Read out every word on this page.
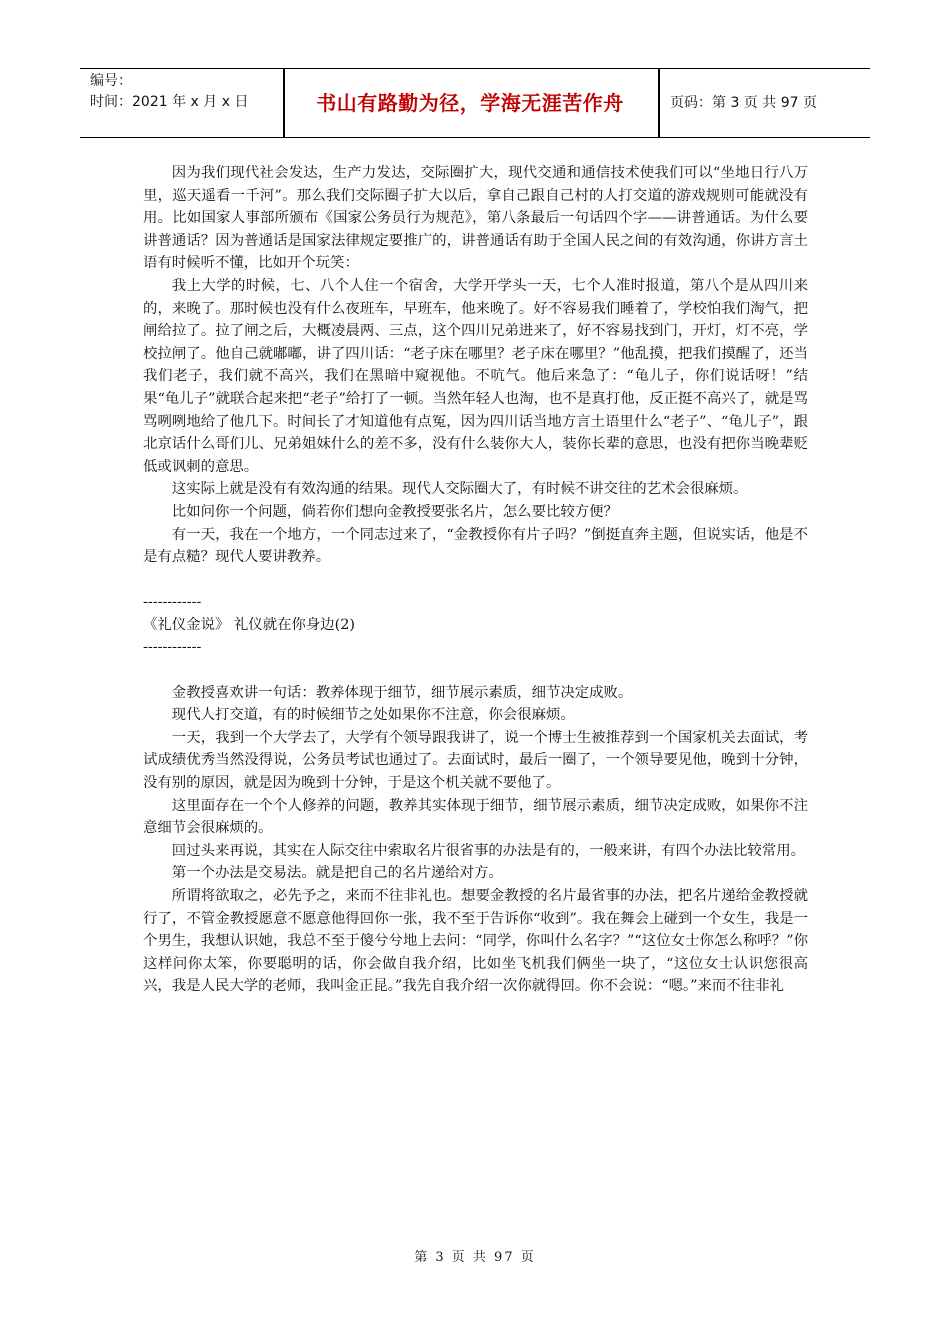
编号：
时间：2021 年 x 月 x 日	书山有路勤为径，学海无涯苦作舟	页码：第 3 页 共 97 页

因为我们现代社会发达，生产力发达，交际圈扩大，现代交通和通信技术使我们可以“坐地日行八万里，巡天遥看一千河”。那么我们交际圈子扩大以后，拿自己跟自己村的人打交道的游戏规则可能就没有用。比如国家人事部所颁布《国家公务员行为规范》，第八条最后一句话四个字——讲普通话。为什么要讲普通话？因为普通话是国家法律规定要推广的，讲普通话有助于全国人民之间的有效沟通，你讲方言土语有时候听不懂，比如开个玩笑：

我上大学的时候，七、八个人住一个宿舍，大学开学头一天，七个人准时报道，第八个是从四川来的，来晚了。那时候也没有什么夜班车，早班车，他来晚了。好不容易我们睡着了，学校怕我们淘气，把闸给拉了。拉了闸之后，大概凌晨两、三点，这个四川兄弟进来了，好不容易找到门，开灯，灯不亮，学校拉闸了。他自己就嘟嘟，讲了四川话：“老子床在哪里？老子床在哪里？”他乱摸，把我们摸醒了，还当我们老子，我们就不高兴，我们在黑暗中窥视他。不吭气。他后来急了：“龟儿子，你们说话呀！”结果“龟儿子”就联合起来把“老子”给打了一顿。当然年轻人也淘，也不是真打他，反正挺不高兴了，就是骂骂咧咧地给了他几下。时间长了才知道他有点冤，因为四川话当地方言土语里什么“老子”、“龟儿子”，跟北京话什么哥们儿、兄弟姐妹什么的差不多，没有什么装你大人，装你长辈的意思，也没有把你当晚辈贬低或讽刺的意思。

这实际上就是没有有效沟通的结果。现代人交际圈大了，有时候不讲交往的艺术会很麻烦。

比如问你一个问题，倘若你们想向金教授要张名片，怎么要比较方便？

有一天，我在一个地方，一个同志过来了，“金教授你有片子吗？”倒挺直奔主题，但说实话，他是不是有点糙？现代人要讲教养。

------------

《礼仪金说》 礼仪就在你身边(2)

------------

金教授喜欢讲一句话：教养体现于细节，细节展示素质，细节决定成败。

现代人打交道，有的时候细节之处如果你不注意，你会很麻烦。

一天，我到一个大学去了，大学有个领导跟我讲了，说一个博士生被推荐到一个国家机关去面试，考试成绩优秀当然没得说，公务员考试也通过了。去面试时，最后一圈了，一个领导要见他，晚到十分钟，没有别的原因，就是因为晚到十分钟，于是这个机关就不要他了。

这里面存在一个个人修养的问题，教养其实体现于细节，细节展示素质，细节决定成败，如果你不注意细节会很麻烦的。

回过头来再说，其实在人际交往中索取名片很省事的办法是有的，一般来讲，有四个办法比较常用。

第一个办法是交易法。就是把自己的名片递给对方。

所谓将欲取之，必先予之，来而不往非礼也。想要金教授的名片最省事的办法，把名片递给金教授就行了，不管金教授愿意不愿意他得回你一张，我不至于告诉你“收到”。我在舞会上碰到一个女生，我是一个男生，我想认识她，我总不至于傻兮兮地上去问：“同学，你叫什么名字？”“这位女士你怎么称呼？”你这样问你太笨，你要聪明的话，你会做自我介绍，比如坐飞机我们俩坐一块了，“这位女士认识您很高兴，我是人民大学的老师，我叫金正昆。”我先自我介绍一次你就得回。你不会说：“嗯。”来而不往非礼

第 3 页 共 97 页
